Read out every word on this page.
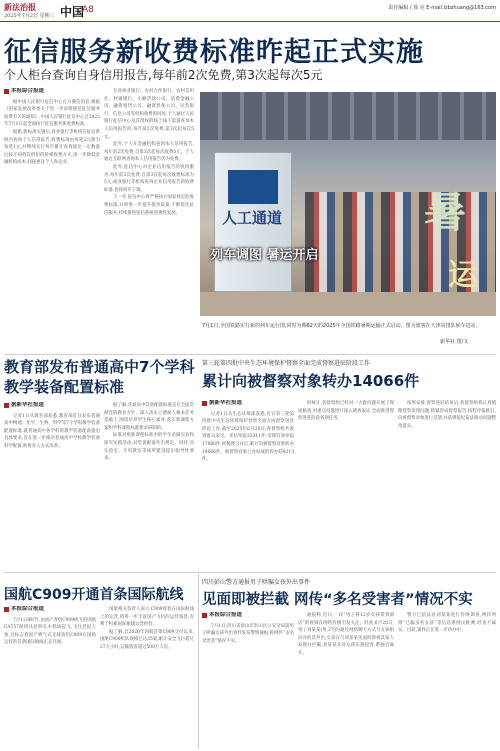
新法治报
2025年7月2日 星期三 中国
A8	责任编辑 / 徐 亮 E-mail:lzbzhuang@163.com
征信服务新收费标准昨起正式实施
个人柜台查询自身信用报告,每年前2次免费,第3次起每次5元
本报综合报道

据中国人民银行征信中心官方微信消息,根据《国家发展改革委关于进一步清理规范征信服务收费有关的通知》,中国人民银行征信中心自2025年7月1日起全面执行征信服务新收费标准。

据悉,新标准实施后,商业银行等机构在征信系统内查询个人信用报告,收费标准由每笔2元降为每笔1元,并继续实行每月累计查询量达一定数量后按不同档次折扣的阶梯收费方式,进一步降低金融机构成本,间接惠及个人和企业。

在对商业银行、农村合作银行、农村信用社、村镇银行、小额贷款公司、消费金融公司、融资租赁公司、融资担保公司、民营银行、信息公司等机构收费的同时,个人通过人民银行征信中心及其授权的线上线下渠道查询本人信用报告的,每年前2次免费,第3次起每次5元。

此外,个人在金融机构查询本人信用报告,每年前2次免费,自第3次起每次收费5元。个人通过互联网查询本人信用报告仍为免费。

此外,征信中心对企业信用报告的查询服务,每年前2次免费,自第3次起每次收费标准为5元;商业银行等机构查询企业信用报告的收费标准,也将同步下调。

下一步,征信中心将严格执行国家规定的收费标准,并将进一步提升服务质量,不断优化征信服务,持续推进征信系统普惠性发展。	人工通道
列车调图 暑运开启
暑
运
7月1日,全国铁路实行新的列车运行图,同时为期62天的2025年全国铁路暑期运输正式启动。图为旅客在天津站排队候车进站。
新华社 图/文
教育部发布普通高中7个学科
教学装备配置标准
据新华社报道

记者1日从教育部获悉,教育部近日发布普通高中物理、化学、生物、科学等7个学科教学装备配置标准,就普通高中各学科的教学装备配备提出具体要求,旨在进一步推动普通高中学校教学装备科学配备,助推育人方式改革。

据了解,普通高中装备配置标准是在全面贯彻党的教育方针、深入落实立德树人根本任务基础上,围绕培养学生核心素养,落实新课程方案和学科课程标准要求研制的。

标准对照新课程标准中的学生必做实验和探究实践活动,对装备配备作出规定。同时,对实验室、专用教室等场所建设提出指导性要求。

第三轮第四批中央生态环境保护督察全面完成督察进驻阶段工作
累计向被督察对象转办14066件
据新华社报道

记者1日从生态环境部获悉,近日第三轮第四批中央生态环境保护督察全面完成督察进驻阶段工作,截至2025年6月28日,各督察组共收到群众来电、来信举报23311件,受理有效举报17880件,经梳理合并后,累计向被督察对象转办14066件。被督察对象已办结或阶段办结9213件。

经统计,各督察组已经对一大批问题开展了现场核查,对重点问题进行深入调查取证,全面推进督察进驻阶段各项任务。

按照安排,督察进驻结束后,各督察组将认真梳理督察发现问题,抓紧形成督察报告,按程序报批后,向被督察对象进行反馈,并依规依纪依法推动问题整改落实。

国航C909开通首条国际航线
本报综合报道

7月1日8时许,由国产客机C909执飞的国航CA757航班从昆明长水机场起飞,飞往老挝万象,这标志着国产喷气式支线客机C909在国航运营的首条国际航线正式开通。

国航相关负责人表示,C909客机在国际航线上的运营,将进一步丰富国产飞机的运营场景,有利于积累国际航线运营经验。

据了解,自2020年国航首架C909交付以来,国航C909机队规模已达35架,累计安全飞行超过27万小时,运输旅客超过500万人次。

四川彭山警方通报男子哄骗女孩外出事件
见面即被拦截 网传“多名受害者”情况不实
本报综合报道

7月1日,四川省眉山市彭山区公安分局就男子哄骗女孩外出事件发布警情通报,称网传“多名受害者”情况不实。

通报称,近日,一段“男子将12岁女孩带到酒店”的视频在网络传播引发关注。经查,6月28日,男子刘某某(男,27岁)通过网络聊天方式与女孩相识并约其外出,女孩在与刘某某见面时即被其家人发现并拦截,刘某某未对女孩实施侵害,系独自离开。

警方已依法对刘某某进行传唤调查,网传所谓“已骗多名女孩”等信息系网民推测,经查不属实。目前,案件正在进一步侦办中。
